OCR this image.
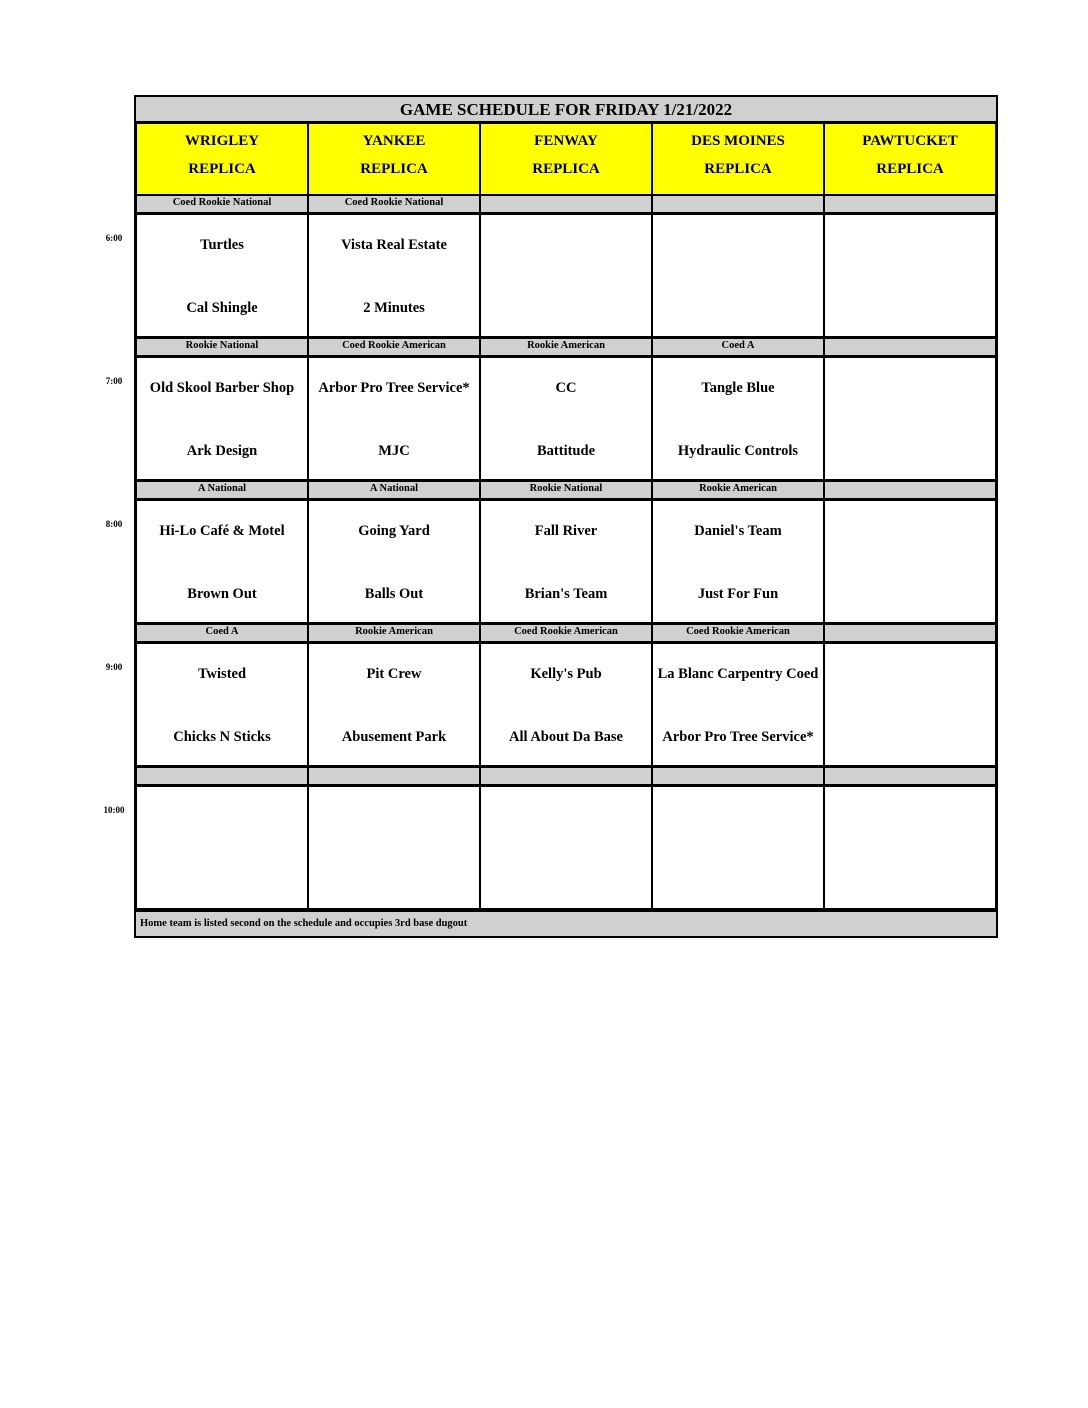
GAME SCHEDULE FOR FRIDAY 1/21/2022
WRIGLEY
REPLICA
YANKEE
REPLICA
FENWAY
REPLICA
DES MOINES
REPLICA
PAWTUCKET
REPLICA
Coed Rookie National
Turtles
Cal Shingle
Coed Rookie National
Vista Real Estate
2 Minutes
Rookie National
Old Skool Barber Shop
Ark Design
Coed Rookie American
Arbor Pro Tree Service*
MJC
Rookie American
CC
Battitude
Coed A
Tangle Blue
Hydraulic Controls
A National
Hi-Lo Café & Motel
Brown Out
A National
Going Yard
Balls Out
Rookie National
Fall River
Brian's Team
Rookie American
Daniel's Team
Just For Fun
Coed A
Twisted
Chicks N Sticks
Rookie American
Pit Crew
Abusement Park
Coed Rookie American
Kelly's Pub
All About Da Base
Coed Rookie American
La Blanc Carpentry Coed
Arbor Pro Tree Service*
Home team is listed second on the schedule and occupies 3rd base dugout
6:00
7:00
8:00
9:00
10:00
